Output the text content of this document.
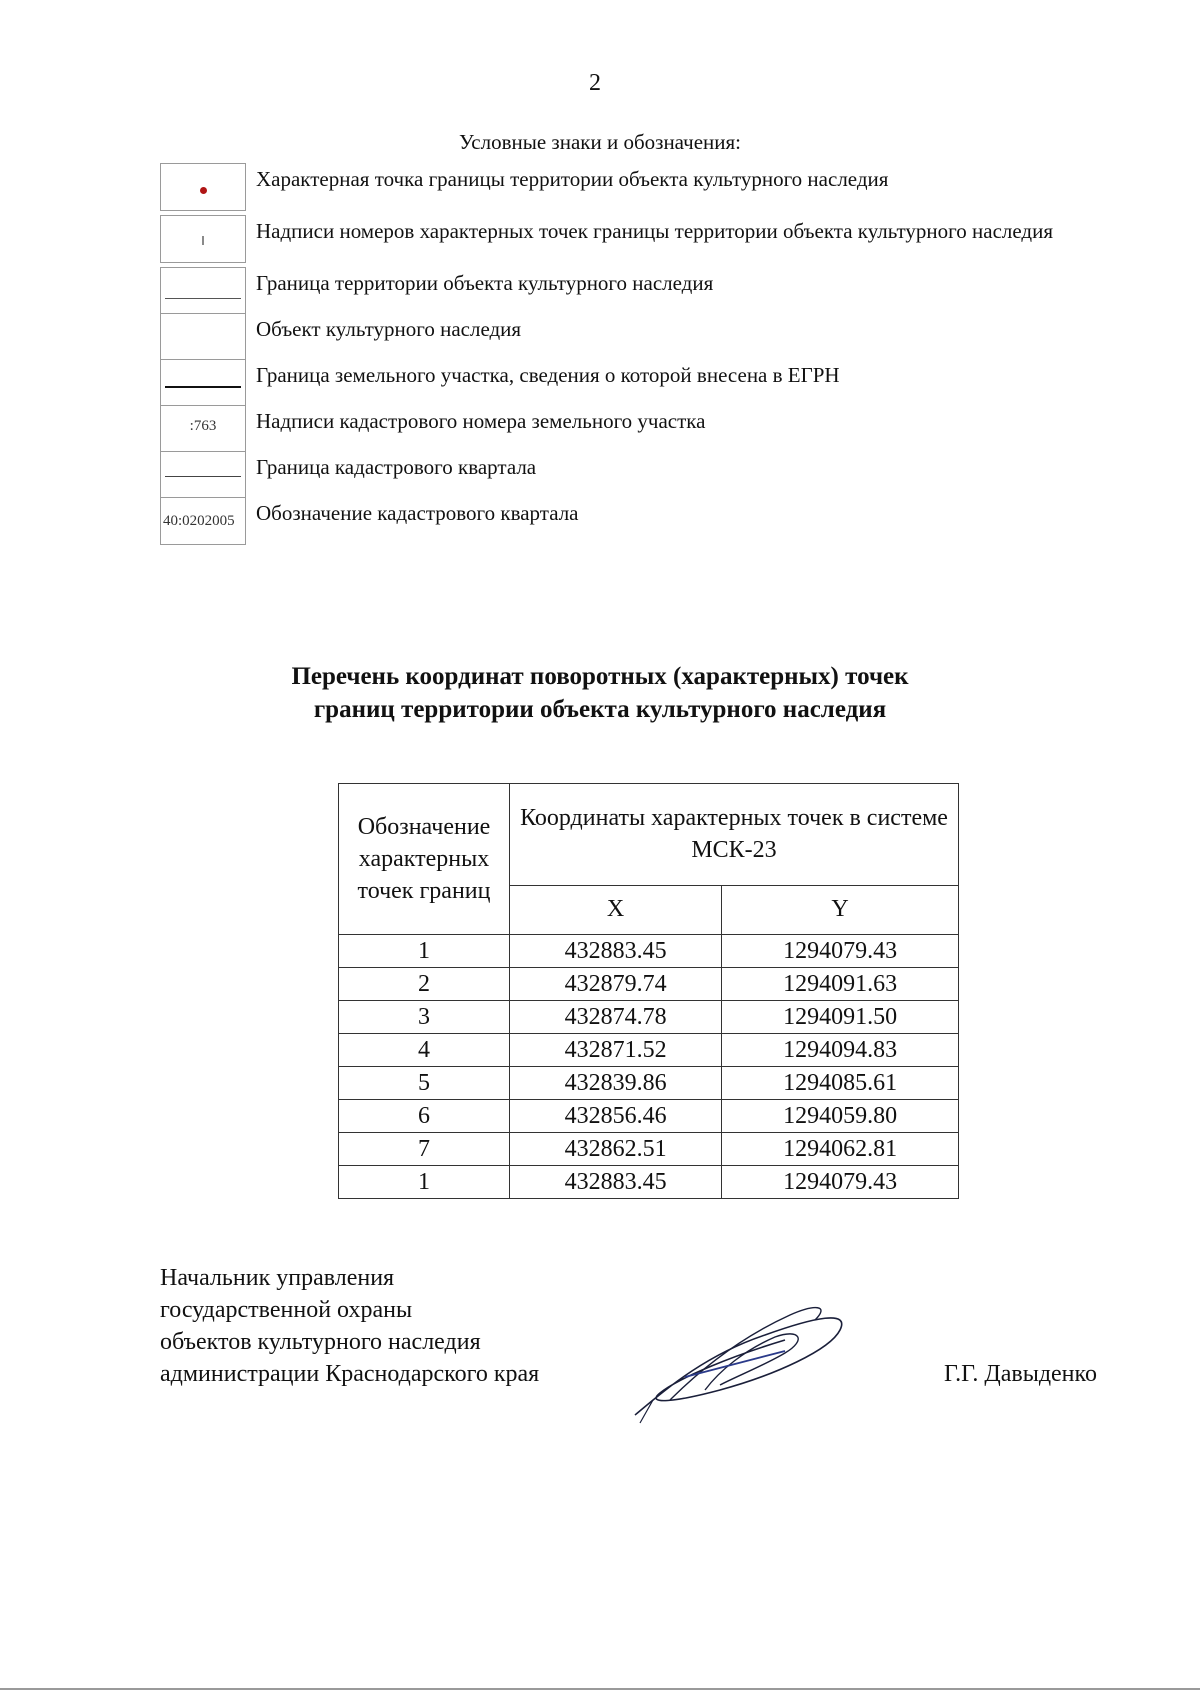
2
Условные знаки и обозначения:
Характерная точка границы территории объекта культурного наследия
Надписи номеров характерных точек границы территории объекта культурного наследия
Граница территории объекта культурного наследия
Объект культурного наследия
Граница земельного участка, сведения о которой внесена в ЕГРН
:763	Надписи кадастрового номера земельного участка
Граница кадастрового квартала
40:0202005 Обозначение кадастрового квартала
Перечень координат поворотных (характерных) точек
границ территории объекта культурного наследия
Обозначение характерных точек границ	Координаты характерных точек в системе МСК-23	
	X	Y
1	432883.45	1294079.43
2	432879.74	1294091.63
3	432874.78	1294091.50
4	432871.52	1294094.83
5	432839.86	1294085.61
6	432856.46	1294059.80
7	432862.51	1294062.81
1	432883.45	1294079.43
Начальник управления
государственной охраны
объектов культурного наследия
администрации Краснодарского края	Г.Г. Давыденко
